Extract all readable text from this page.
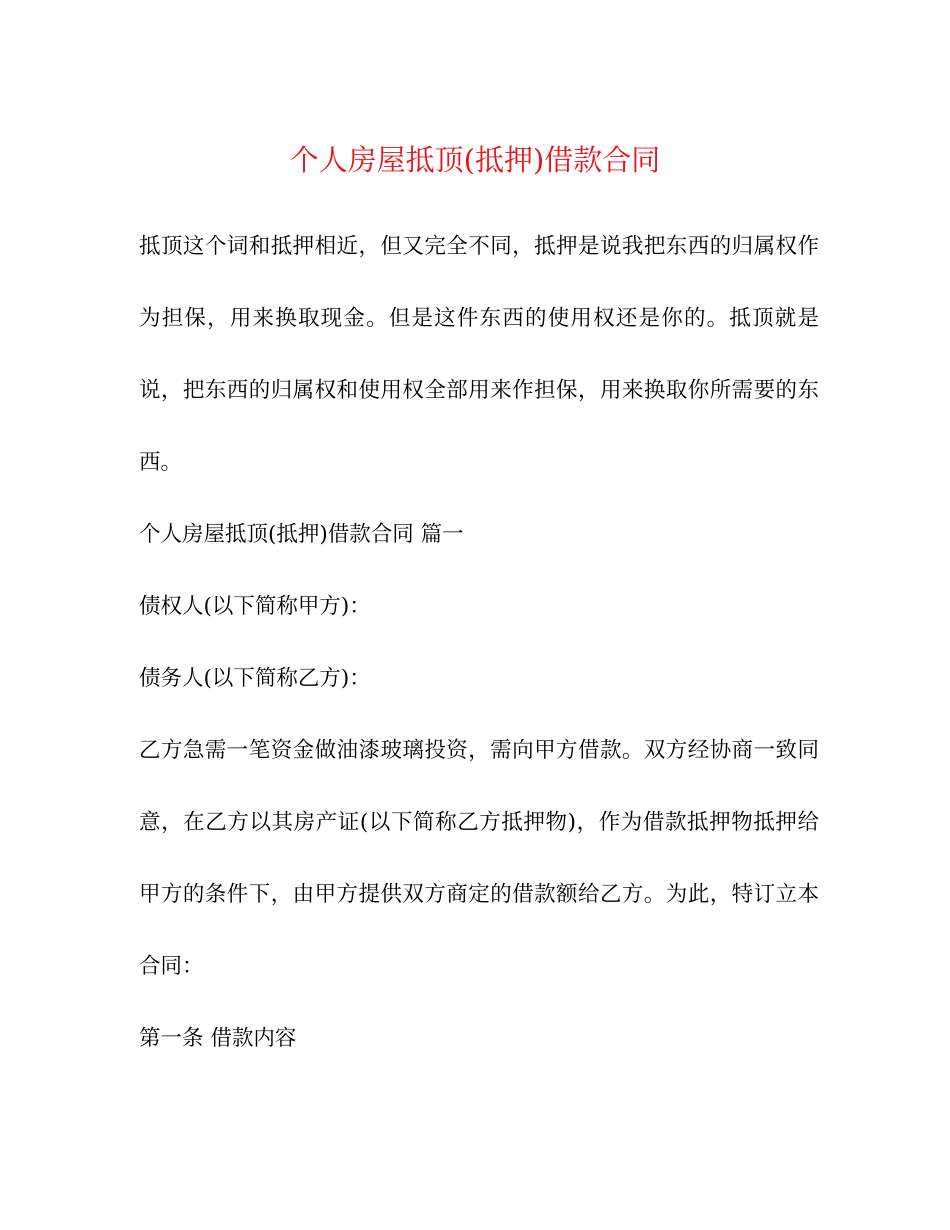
个人房屋抵顶(抵押)借款合同

抵顶这个词和抵押相近，但又完全不同，抵押是说我把东西的归属权作为担保，用来换取现金。但是这件东西的使用权还是你的。抵顶就是说，把东西的归属权和使用权全部用来作担保，用来换取你所需要的东西。

个人房屋抵顶(抵押)借款合同 篇一

债权人(以下简称甲方)：

债务人(以下简称乙方)：

乙方急需一笔资金做油漆玻璃投资，需向甲方借款。双方经协商一致同意，在乙方以其房产证(以下简称乙方抵押物)，作为借款抵押物抵押给甲方的条件下，由甲方提供双方商定的借款额给乙方。为此，特订立本合同：

第一条 借款内容
